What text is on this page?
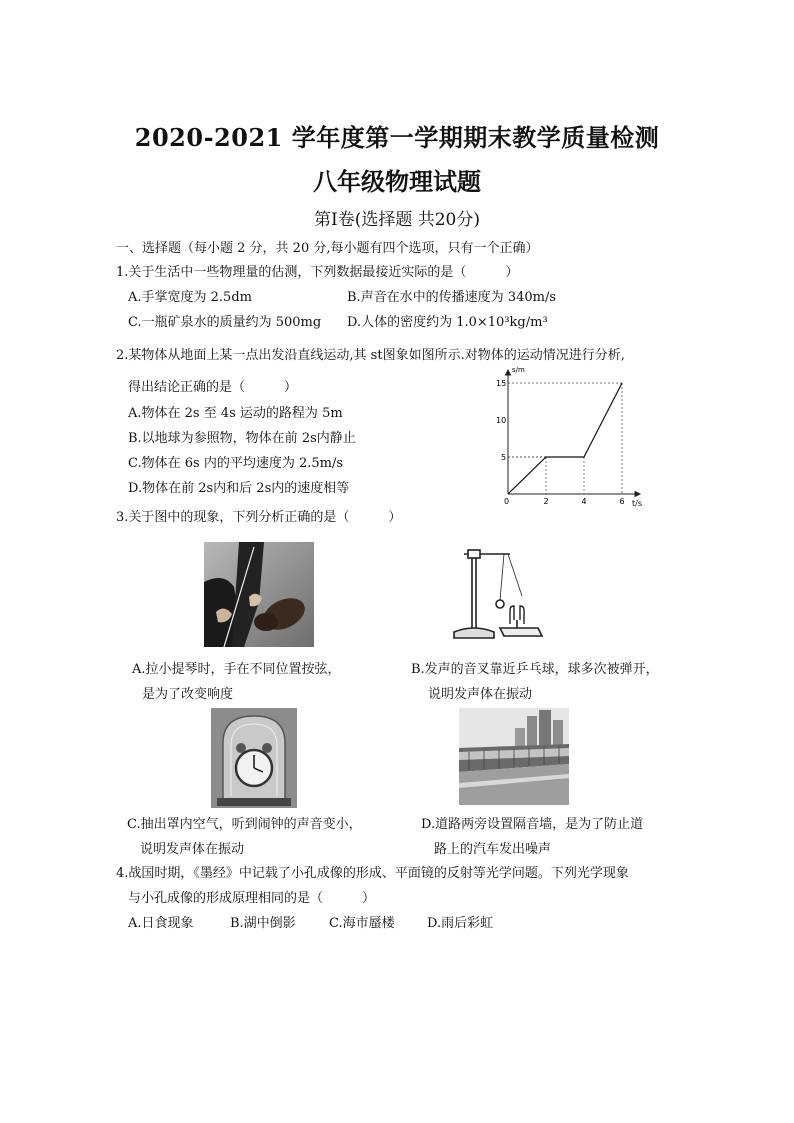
2020-2021 学年度第一学期期末教学质量检测
八年级物理试题
第Ⅰ卷(选择题 共20分)
一、选择题（每小题 2 分，共 20 分,每小题有四个选项，只有一个正确）
1.关于生活中一些物理量的估测，下列数据最接近实际的是（　　　）
A.手掌宽度为 2.5dm	B.声音在水中的传播速度为 340m/s
C.一瓶矿泉水的质量约为 500mg D.人体的密度约为 1.0×10³kg/m³
2.某物体从地面上某一点出发沿直线运动,其 st图象如图所示.对物体的运动情况进行分析,
得出结论正确的是（　　　）
A.物体在 2s 至 4s 运动的路程为 5m
B.以地球为参照物，物体在前 2s内静止
C.物体在 6s 内的平均速度为 2.5m/s
D.物体在前 2s内和后 2s内的速度相等
2	4	6
5
10
15
s/m
t/s
0
3.关于图中的现象，下列分析正确的是（　　　）
A.拉小提琴时，手在不同位置按弦，
是为了改变响度
B.发声的音叉靠近乒乓球，球多次被弹开，
说明发声体在振动
C.抽出罩内空气，听到闹钟的声音变小，
说明发声体在振动
D.道路两旁设置隔音墙，是为了防止道
路上的汽车发出噪声
4.战国时期，《墨经》中记载了小孔成像的形成、平面镜的反射等光学问题。下列光学现象
与小孔成像的形成原理相同的是（　　　）
A.日食现象	B.湖中倒影	C.海市蜃楼 D.雨后彩虹
